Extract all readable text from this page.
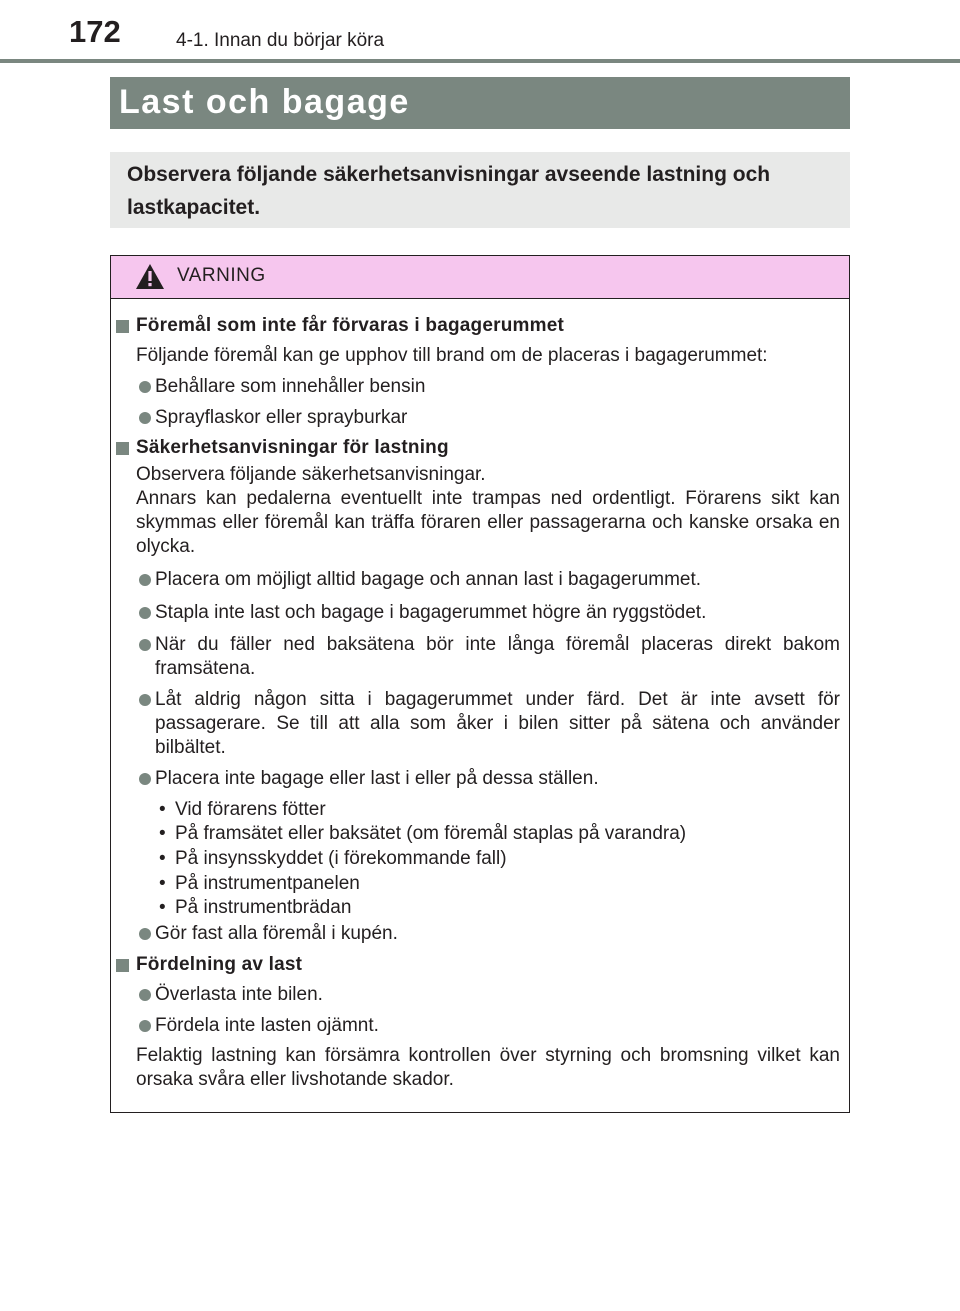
172	4-1. Innan du börjar köra
Last och bagage
Observera följande säkerhetsanvisningar avseende lastning och lastkapacitet.
VARNING
Föremål som inte får förvaras i bagagerummet
Följande föremål kan ge upphov till brand om de placeras i bagagerummet:
Behållare som innehåller bensin
Sprayflaskor eller sprayburkar
Säkerhetsanvisningar för lastning
Observera följande säkerhetsanvisningar.
Annars kan pedalerna eventuellt inte trampas ned ordentligt. Förarens sikt kan skymmas eller föremål kan träffa föraren eller passagerarna och kanske orsaka en olycka.
Placera om möjligt alltid bagage och annan last i bagagerummet.
Stapla inte last och bagage i bagagerummet högre än ryggstödet.
När du fäller ned baksätena bör inte långa föremål placeras direkt bakom framsätena.
Låt aldrig någon sitta i bagagerummet under färd. Det är inte avsett för passagerare. Se till att alla som åker i bilen sitter på sätena och använder bilbältet.
Placera inte bagage eller last i eller på dessa ställen.
• Vid förarens fötter
• På framsätet eller baksätet (om föremål staplas på varandra)
• På insynsskyddet (i förekommande fall)
• På instrumentpanelen
• På instrumentbrädan
Gör fast alla föremål i kupén.
Fördelning av last
Överlasta inte bilen.
Fördela inte lasten ojämnt.
Felaktig lastning kan försämra kontrollen över styrning och bromsning vilket kan orsaka svåra eller livshotande skador.
